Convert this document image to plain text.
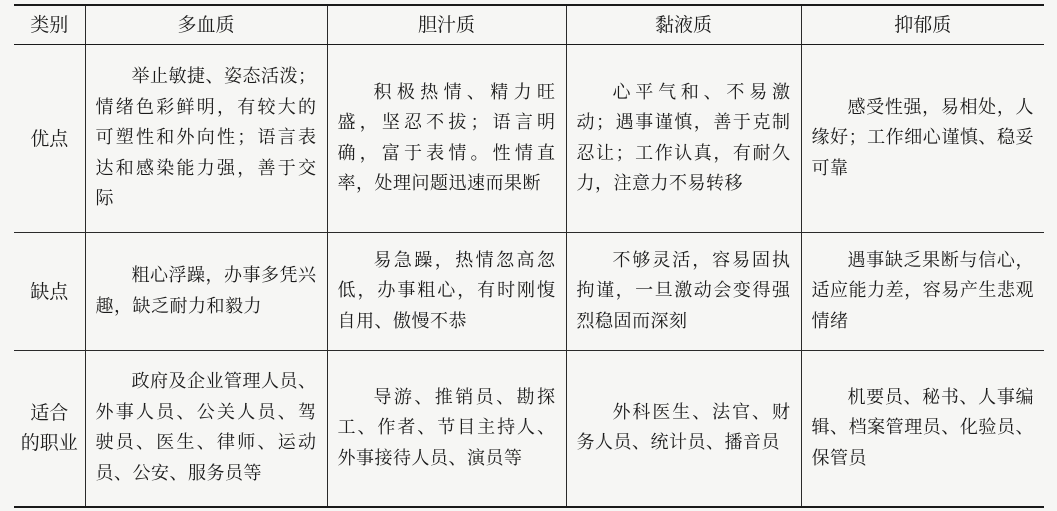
类别	多血质	胆汁质	黏液质	抑郁质
优点	举止敏捷、姿态活泼；情绪色彩鲜明，有较大的可塑性和外向性；语言表达和感染能力强，善于交际	积极热情、精力旺盛，坚忍不拔；语言明确，富于表情。性情直率，处理问题迅速而果断	心平气和、不易激动；遇事谨慎，善于克制忍让；工作认真，有耐久力，注意力不易转移	感受性强，易相处，人缘好；工作细心谨慎、稳妥可靠

缺点	粗心浮躁，办事多凭兴趣，缺乏耐力和毅力	易急躁，热情忽高忽低，办事粗心，有时刚愎自用、傲慢不恭	不够灵活，容易固执拘谨，一旦激动会变得强烈稳固而深刻	遇事缺乏果断与信心，适应能力差，容易产生悲观情绪

适合
的职业	政府及企业管理人员、外事人员、公关人员、驾驶员、医生、律师、运动员、公安、服务员等	导游、推销员、勘探工、作者、节目主持人、外事接待人员、演员等	外科医生、法官、财务人员、统计员、播音员	机要员、秘书、人事编辑、档案管理员、化验员、保管员
